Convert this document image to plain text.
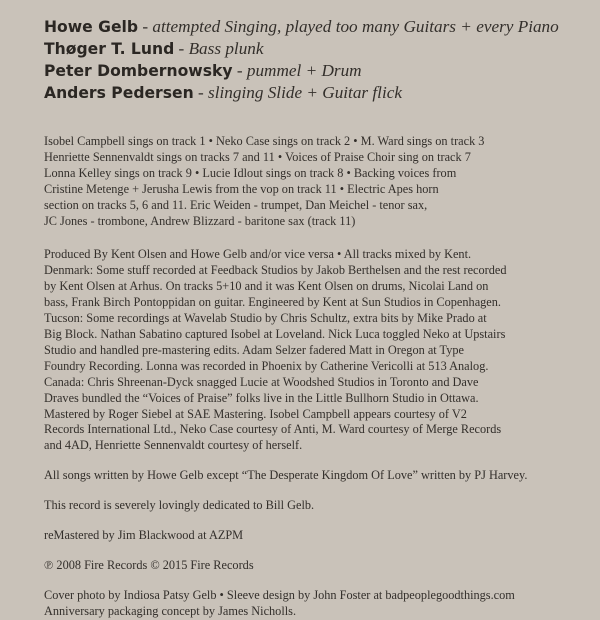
Howe Gelb - attempted Singing, played too many Guitars + every Piano
Thøger T. Lund - Bass plunk
Peter Dombernowsky - pummel + Drum
Anders Pedersen - slinging Slide + Guitar flick
Isobel Campbell sings on track 1 • Neko Case sings on track 2 • M. Ward sings on track 3
Henriette Sennenvaldt sings on tracks 7 and 11 • Voices of Praise Choir sing on track 7
Lonna Kelley sings on track 9 • Lucie Idlout sings on track 8 • Backing voices from
Cristine Metenge + Jerusha Lewis from the vop on track 11 • Electric Apes horn
section on tracks 5, 6 and 11. Eric Weiden - trumpet, Dan Meichel - tenor sax,
JC Jones - trombone, Andrew Blizzard - baritone sax (track 11)
Produced By Kent Olsen and Howe Gelb and/or vice versa • All tracks mixed by Kent.
Denmark: Some stuff recorded at Feedback Studios by Jakob Berthelsen and the rest recorded
by Kent Olsen at Arhus. On tracks 5+10 and it was Kent Olsen on drums, Nicolai Land on
bass, Frank Birch Pontoppidan on guitar. Engineered by Kent at Sun Studios in Copenhagen.
Tucson: Some recordings at Wavelab Studio by Chris Schultz, extra bits by Mike Prado at
Big Block. Nathan Sabatino captured Isobel at Loveland. Nick Luca toggled Neko at Upstairs
Studio and handled pre-mastering edits. Adam Selzer fadered Matt in Oregon at Type
Foundry Recording. Lonna was recorded in Phoenix by Catherine Vericolli at 513 Analog.
Canada: Chris Shreenan-Dyck snagged Lucie at Woodshed Studios in Toronto and Dave
Draves bundled the “Voices of Praise” folks live in the Little Bullhorn Studio in Ottawa.
Mastered by Roger Siebel at SAE Mastering. Isobel Campbell appears courtesy of V2
Records International Ltd., Neko Case courtesy of Anti, M. Ward courtesy of Merge Records
and 4AD, Henriette Sennenvaldt courtesy of herself.
All songs written by Howe Gelb except “The Desperate Kingdom Of Love” written by PJ Harvey.
This record is severely lovingly dedicated to Bill Gelb.
reMastered by Jim Blackwood at AZPM
℗ 2008 Fire Records © 2015 Fire Records
Cover photo by Indiosa Patsy Gelb • Sleeve design by John Foster at badpeoplegoodthings.com
Anniversary packaging concept by James Nicholls.
